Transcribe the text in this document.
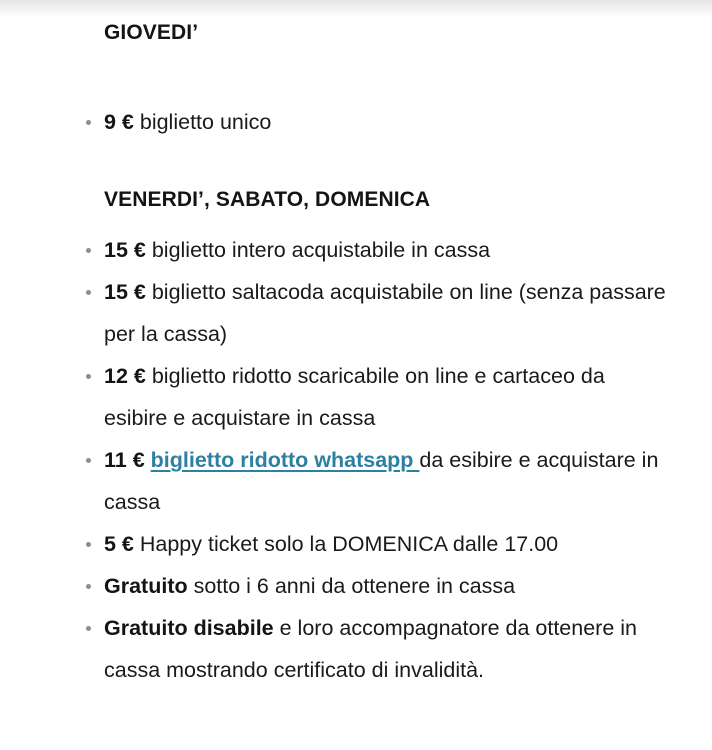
GIOVEDI’
9 € biglietto unico
VENERDI’, SABATO, DOMENICA
15 € biglietto intero acquistabile in cassa
15 € biglietto saltacoda acquistabile on line (senza passare per la cassa)
12 € biglietto ridotto scaricabile on line e cartaceo da esibire e acquistare in cassa
11 € biglietto ridotto whatsapp da esibire e acquistare in cassa
5 € Happy ticket solo la DOMENICA dalle 17.00
Gratuito sotto i 6 anni da ottenere in cassa
Gratuito disabile e loro accompagnatore da ottenere in cassa mostrando certificato di invalidità.
